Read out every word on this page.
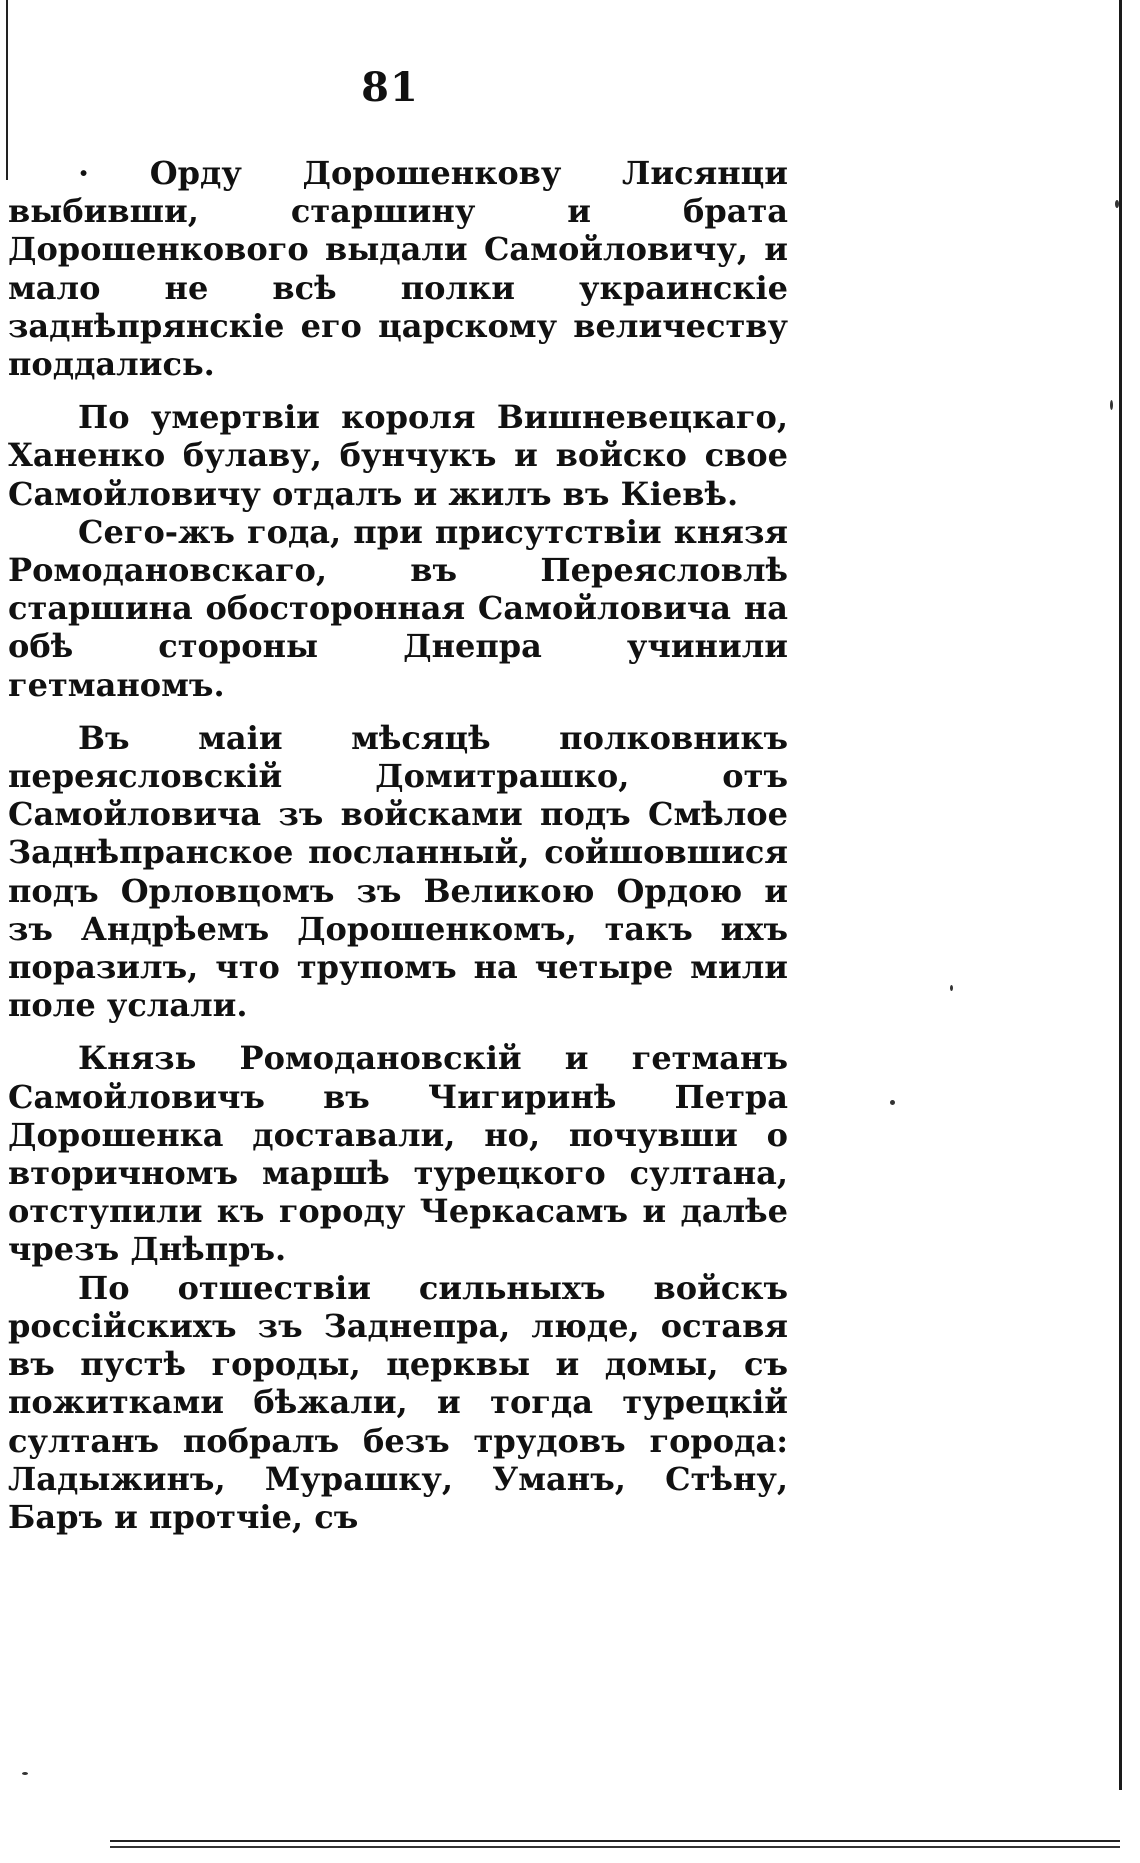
81

· Орду Дорошенкову Лисянци выбивши, старшину и брата Дорошенкового выдали Самойловичу, и мало не всѣ полки украинскіе заднѣпрянскіе его царскому величеству поддались.

По умертвіи короля Вишневецкаго, Ханенко булаву, бунчукъ и войско свое Самойловичу отдалъ и жилъ въ Кіевѣ.

Сего-жъ года, при присутствіи князя Ромодановскаго, въ Переясловлѣ старшина обосторонная Самойловича на обѣ стороны Днепра учинили гетманомъ.

Въ маіи мѣсяцѣ полковникъ переясловскій Домитрашко, отъ Самойловича зъ войсками подъ Смѣлое Заднѣпранское посланный, сойшовшися подъ Орловцомъ зъ Великою Ордою и зъ Андрѣемъ Дорошенкомъ, такъ ихъ поразилъ, что трупомъ на четыре мили поле услали.

Князь Ромодановскій и гетманъ Самойловичъ въ Чигиринѣ Петра Дорошенка доставали, но, почувши о вторичномъ маршѣ турецкого султана, отступили къ городу Черкасамъ и далѣе чрезъ Днѣпръ.

По отшествіи сильныхъ войскъ россійскихъ зъ Заднепра, люде, оставя въ пустѣ городы, церквы и домы, съ пожитками бѣжали, и тогда турецкій султанъ побралъ безъ трудовъ города: Ладыжинъ, Мурашку, Уманъ, Стѣну, Баръ и протчіе, съ
